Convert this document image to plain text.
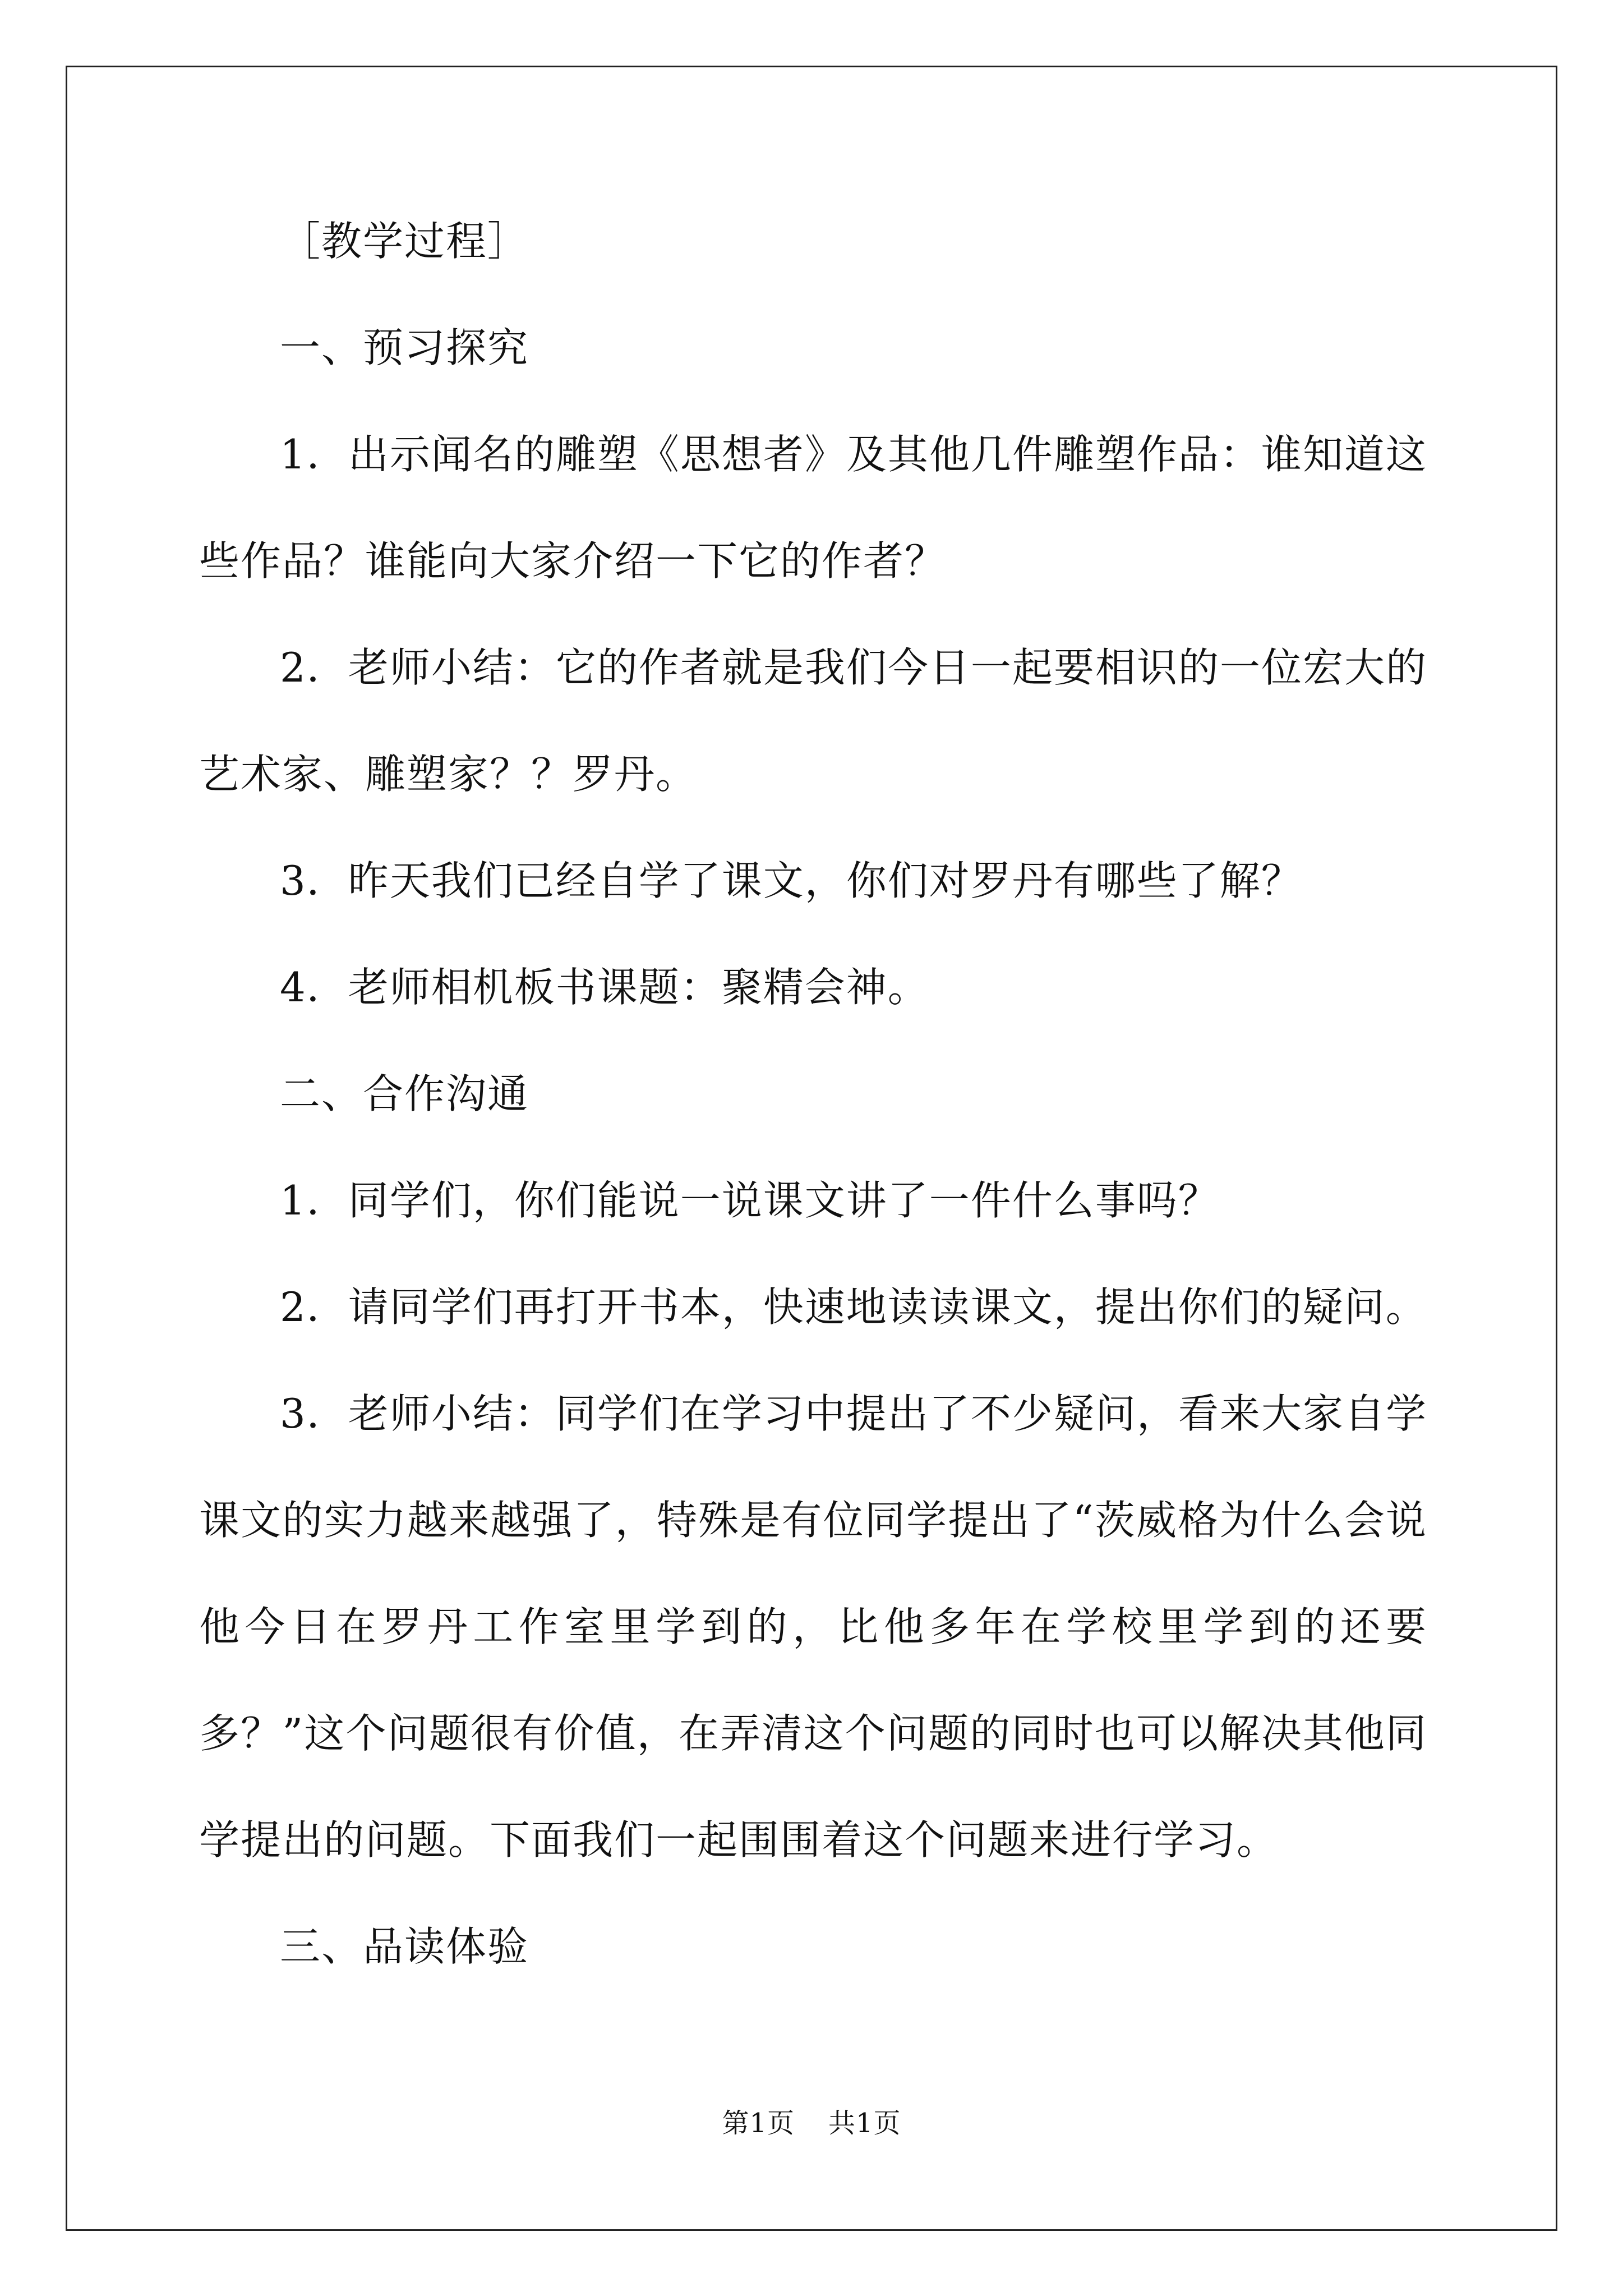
［教学过程］

一、预习探究

1．出示闻名的雕塑《思想者》及其他几件雕塑作品：谁知道这些作品？谁能向大家介绍一下它的作者？

2．老师小结：它的作者就是我们今日一起要相识的一位宏大的艺术家、雕塑家？？罗丹。

3．昨天我们已经自学了课文，你们对罗丹有哪些了解？

4．老师相机板书课题：聚精会神。

二、合作沟通

1．同学们，你们能说一说课文讲了一件什么事吗？

2．请同学们再打开书本，快速地读读课文，提出你们的疑问。

3．老师小结：同学们在学习中提出了不少疑问，看来大家自学课文的实力越来越强了，特殊是有位同学提出了“茨威格为什么会说他今日在罗丹工作室里学到的，比他多年在学校里学到的还要多？”这个问题很有价值，在弄清这个问题的同时也可以解决其他同学提出的问题。下面我们一起围围着这个问题来进行学习。

三、品读体验

第1页 共1页
